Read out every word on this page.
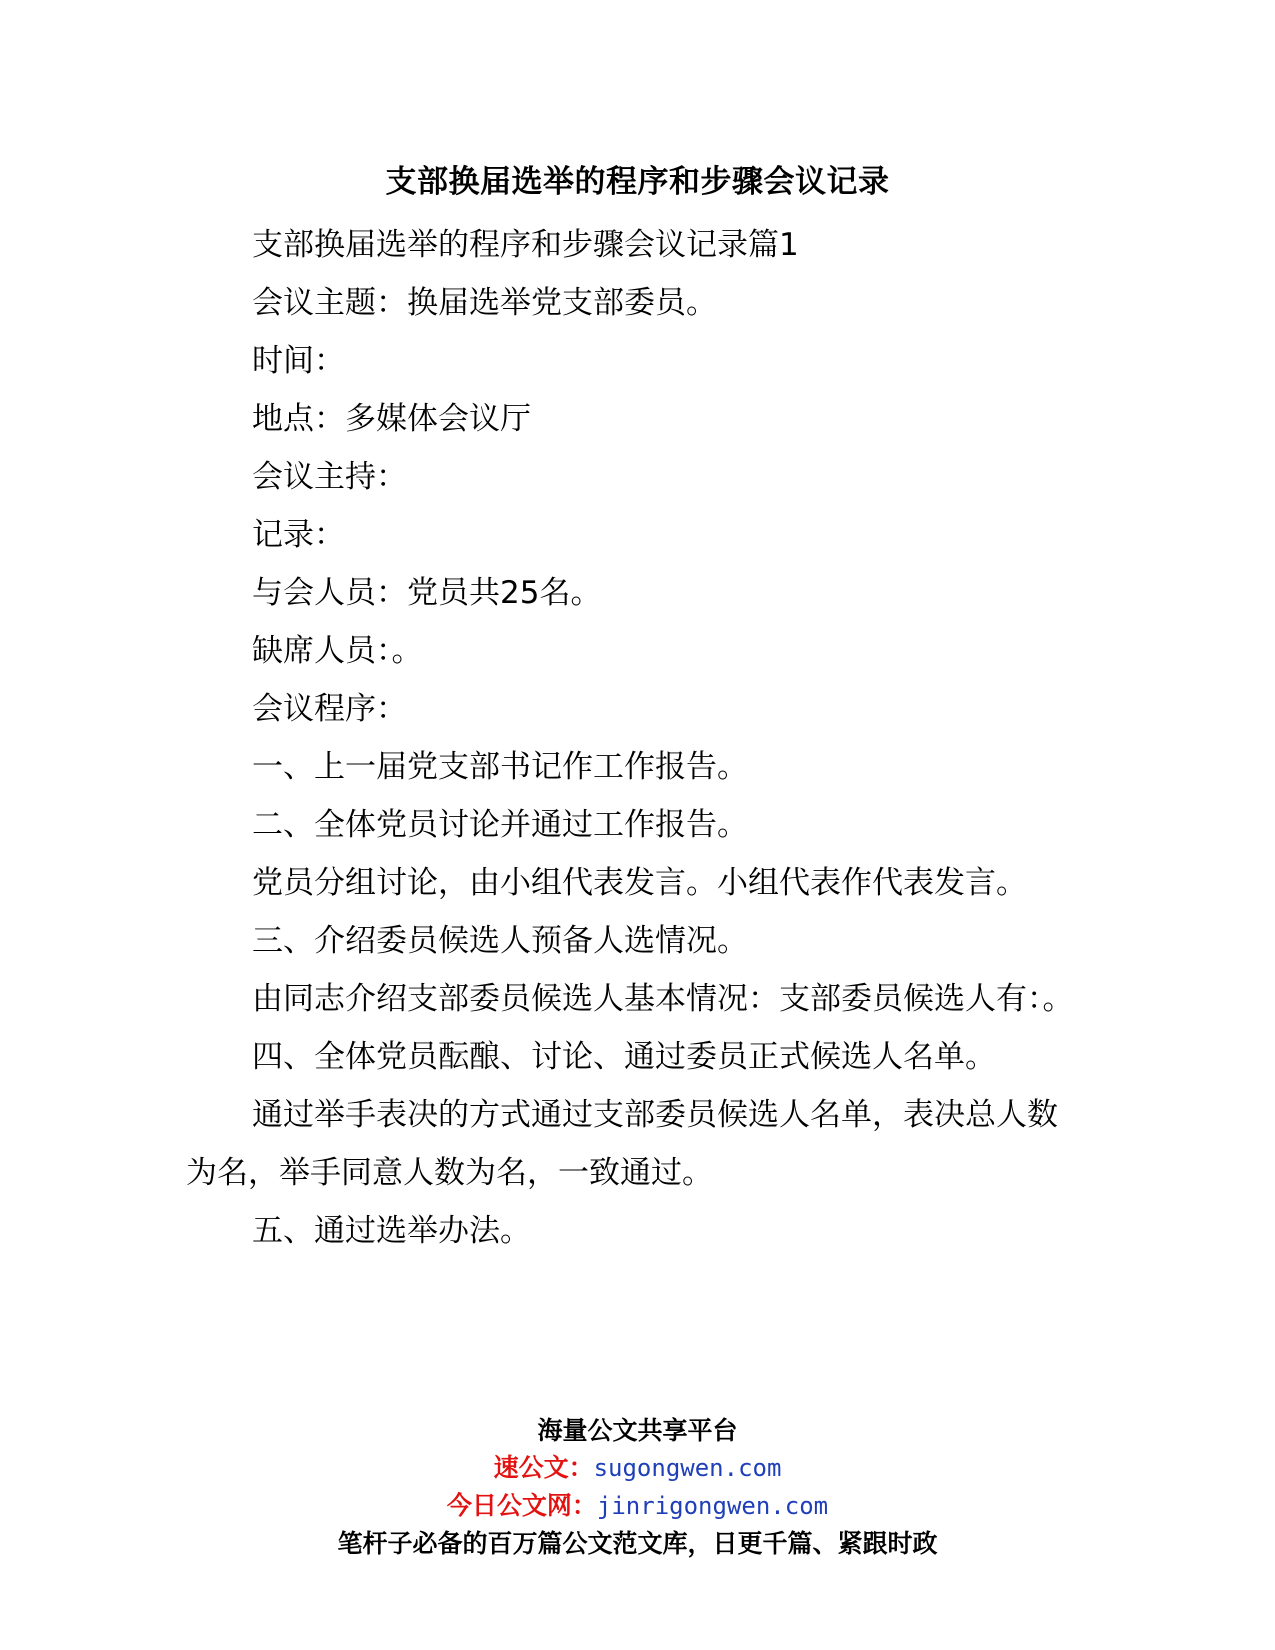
支部换届选举的程序和步骤会议记录

支部换届选举的程序和步骤会议记录篇1

会议主题：换届选举党支部委员。

时间：

地点：多媒体会议厅

会议主持：

记录：

与会人员：党员共25名。

缺席人员：。

会议程序：

一、上一届党支部书记作工作报告。

二、全体党员讨论并通过工作报告。

党员分组讨论，由小组代表发言。小组代表作代表发言。

三、介绍委员候选人预备人选情况。

由同志介绍支部委员候选人基本情况：支部委员候选人有：。

四、全体党员酝酿、讨论、通过委员正式候选人名单。

通过举手表决的方式通过支部委员候选人名单，表决总人数为名，举手同意人数为名，一致通过。

五、通过选举办法。

海量公文共享平台
速公文：sugongwen.com
今日公文网：jinrigongwen.com
笔杆子必备的百万篇公文范文库，日更千篇、紧跟时政
